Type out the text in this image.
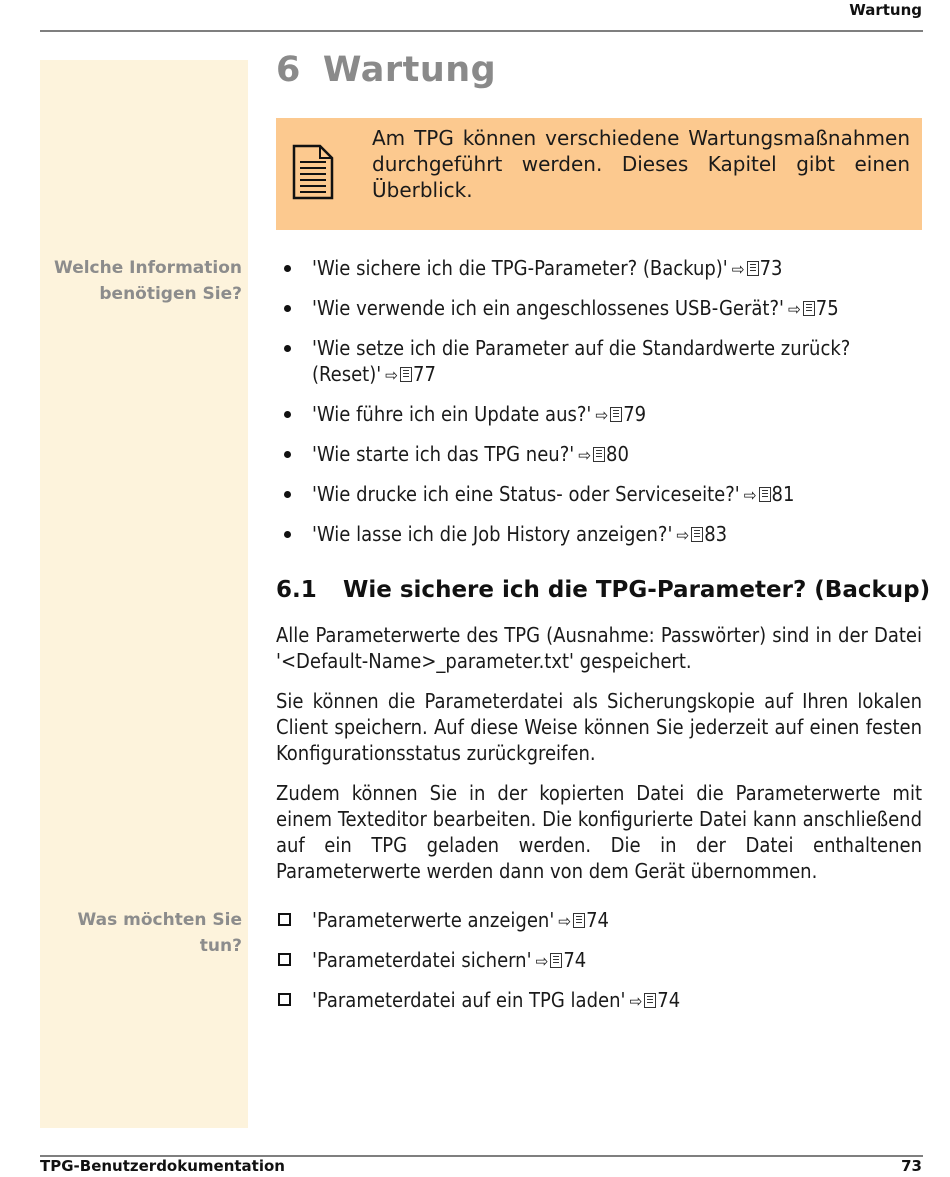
Wartung
6 Wartung
Am TPG können verschiedene Wartungsmaßnahmen durchgeführt werden. Dieses Kapitel gibt einen Überblick.
Welche Information benötigen Sie?
'Wie sichere ich die TPG-Parameter? (Backup)' ⇨ 73
'Wie verwende ich ein angeschlossenes USB-Gerät?' ⇨ 75
'Wie setze ich die Parameter auf die Standardwerte zurück? (Reset)' ⇨ 77
'Wie führe ich ein Update aus?' ⇨ 79
'Wie starte ich das TPG neu?' ⇨ 80
'Wie drucke ich eine Status- oder Serviceseite?' ⇨ 81
'Wie lasse ich die Job History anzeigen?' ⇨ 83
6.1 Wie sichere ich die TPG-Parameter? (Backup)

Alle Parameterwerte des TPG (Ausnahme: Passwörter) sind in der Datei '<Default-Name>_parameter.txt' gespeichert.

Sie können die Parameterdatei als Sicherungskopie auf Ihren lokalen Client speichern. Auf diese Weise können Sie jederzeit auf einen festen Konfigurationsstatus zurückgreifen.

Zudem können Sie in der kopierten Datei die Parameterwerte mit einem Texteditor bearbeiten. Die konfigurierte Datei kann anschließend auf ein TPG geladen werden. Die in der Datei enthaltenen Parameterwerte werden dann von dem Gerät übernommen.

Was möchten Sie tun?
'Parameterwerte anzeigen' ⇨ 74
'Parameterdatei sichern' ⇨ 74
'Parameterdatei auf ein TPG laden' ⇨ 74
TPG-Benutzerdokumentation	73
